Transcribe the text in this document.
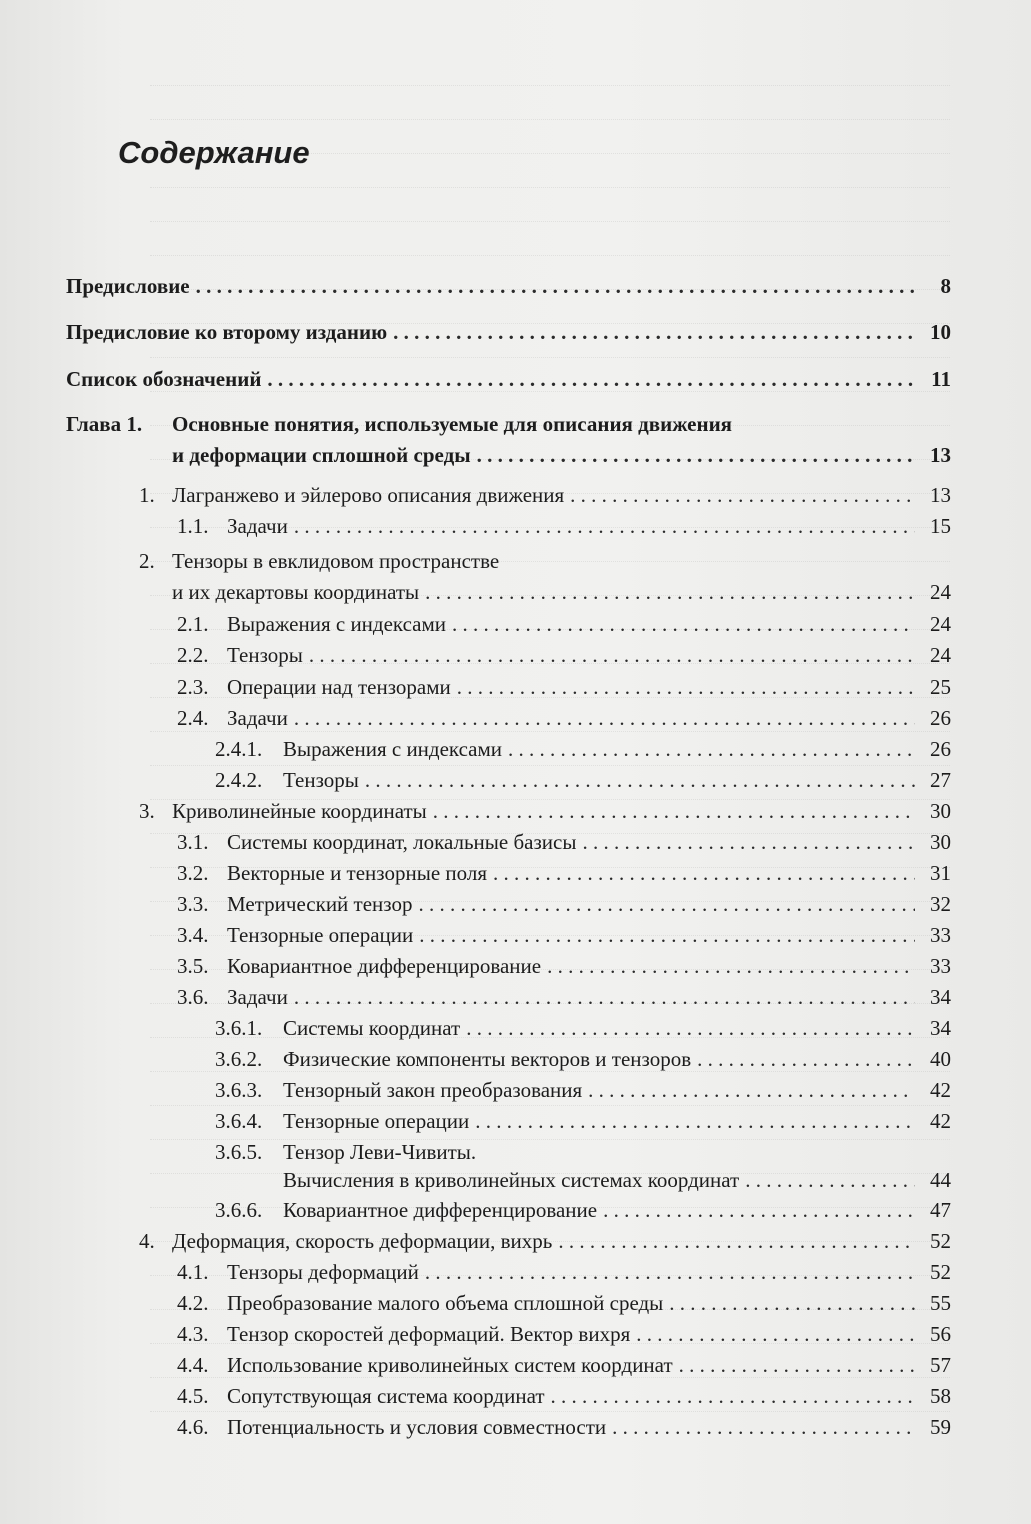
Содержание
Предисловие . . .	8
Предисловие ко второму изданию . . .	10
Список обозначений . . .	11
Глава 1.	Основные понятия, используемые для описания движения
и деформации сплошной среды . . .	13
1. Лагранжево и эйлерово описания движения . . .	13
1.1. Задачи . . .	15
2. Тензоры в евклидовом пространстве
и их декартовы координаты . . .	24
2.1. Выражения с индексами . . .	24
2.2. Тензоры . . .	24
2.3. Операции над тензорами . . .	25
2.4. Задачи . . .	26
2.4.1. Выражения с индексами . . .	26
2.4.2. Тензоры . . .	27
3. Криволинейные координаты . . .	30
3.1. Системы координат, локальные базисы . . .	30
3.2. Векторные и тензорные поля . . .	31
3.3. Метрический тензор . . .	32
3.4. Тензорные операции . . .	33
3.5. Ковариантное дифференцирование . . .	33
3.6. Задачи . . .	34
3.6.1. Системы координат . . .	34
3.6.2. Физические компоненты векторов и тензоров . . .	40
3.6.3. Тензорный закон преобразования . . .	42
3.6.4. Тензорные операции . . .	42
3.6.5. Тензор Леви-Чивиты.
Вычисления в криволинейных системах координат . . .	44
3.6.6. Ковариантное дифференцирование . . .	47
4. Деформация, скорость деформации, вихрь . . .	52
4.1. Тензоры деформаций . . .	52
4.2. Преобразование малого объема сплошной среды . . .	55
4.3. Тензор скоростей деформаций. Вектор вихря . . .	56
4.4. Использование криволинейных систем координат . . .	57
4.5. Сопутствующая система координат . . .	58
4.6. Потенциальность и условия совместности . . .	59
